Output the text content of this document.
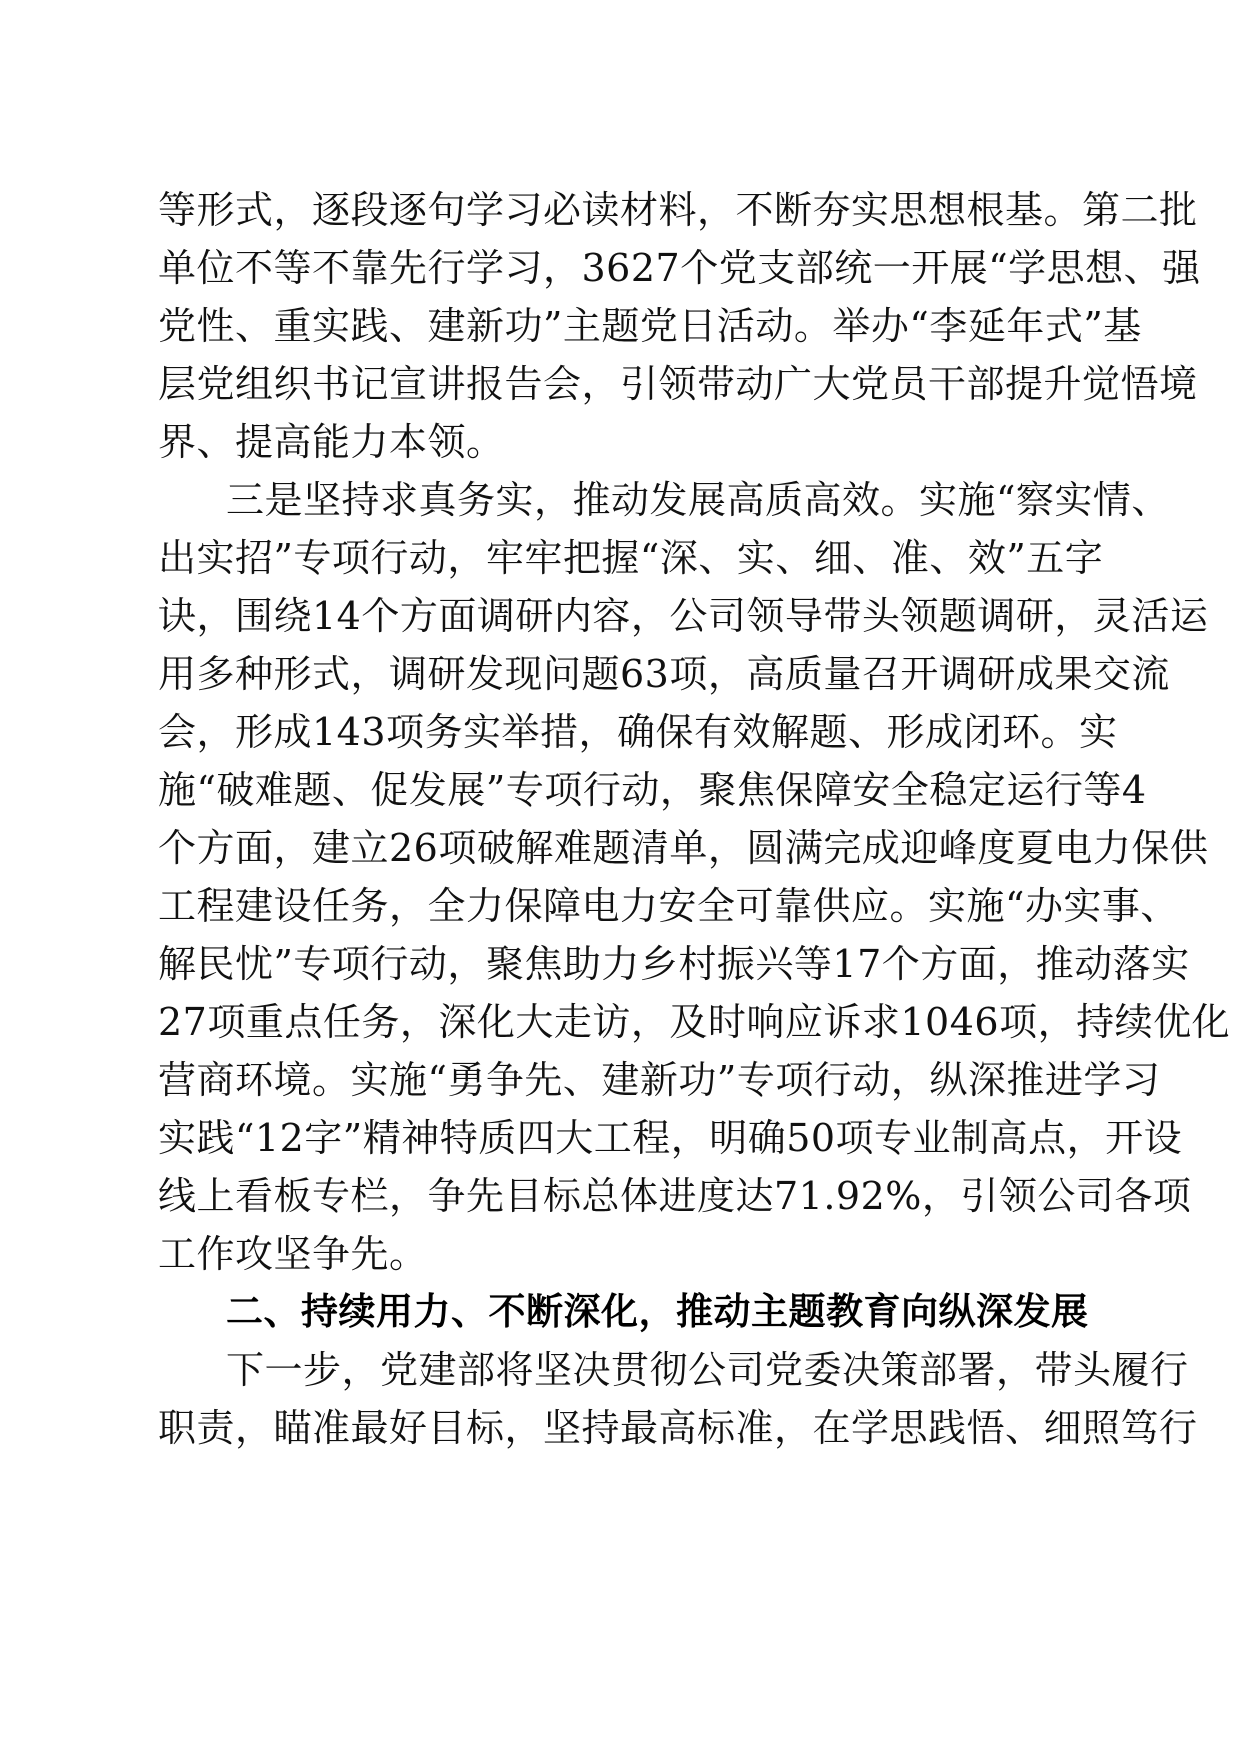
等形式，逐段逐句学习必读材料，不断夯实思想根基。第二批
单位不等不靠先行学习，3627个党支部统一开展“学思想、强
党性、重实践、建新功”主题党日活动。举办“李延年式”基
层党组织书记宣讲报告会，引领带动广大党员干部提升觉悟境
界、提高能力本领。
三是坚持求真务实，推动发展高质高效。实施“察实情、
出实招”专项行动，牢牢把握“深、实、细、准、效”五字
诀，围绕14个方面调研内容，公司领导带头领题调研，灵活运
用多种形式，调研发现问题63项，高质量召开调研成果交流
会，形成143项务实举措，确保有效解题、形成闭环。实
施“破难题、促发展”专项行动，聚焦保障安全稳定运行等4
个方面，建立26项破解难题清单，圆满完成迎峰度夏电力保供
工程建设任务，全力保障电力安全可靠供应。实施“办实事、
解民忧”专项行动，聚焦助力乡村振兴等17个方面，推动落实
27项重点任务，深化大走访，及时响应诉求1046项，持续优化
营商环境。实施“勇争先、建新功”专项行动，纵深推进学习
实践“12字”精神特质四大工程，明确50项专业制高点，开设
线上看板专栏，争先目标总体进度达71.92%，引领公司各项
工作攻坚争先。
二、持续用力、不断深化，推动主题教育向纵深发展
下一步，党建部将坚决贯彻公司党委决策部署，带头履行
职责，瞄准最好目标，坚持最高标准，在学思践悟、细照笃行
